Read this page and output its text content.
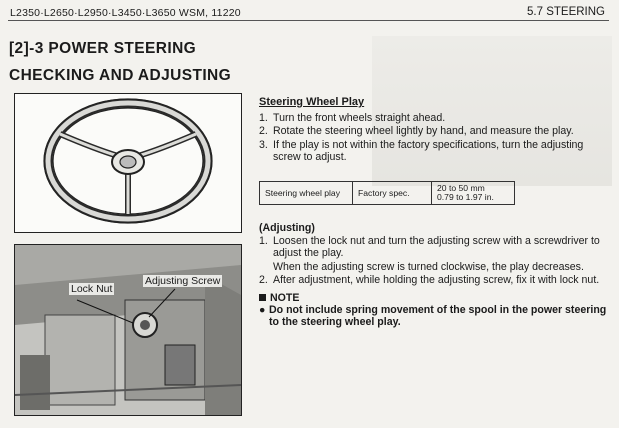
L2350·L2650·L2950·L3450·L3650 WSM, 11220	5.7 STEERING
[2]-3 POWER STEERING
CHECKING AND ADJUSTING
Lock Nut
Adjusting Screw
Steering Wheel Play
1. Turn the front wheels straight ahead.
2. Rotate the steering wheel lightly by hand, and measure the play.
3. If the play is not within the factory specifications, turn the adjusting screw to adjust.
Steering wheel play	Factory spec.	20 to 50 mm
0.79 to 1.97 in.
(Adjusting)
1. Loosen the lock nut and turn the adjusting screw with a screwdriver to adjust the play.
When the adjusting screw is turned clockwise, the play decreases.
2. After adjustment, while holding the adjusting screw, fix it with lock nut.
NOTE
● Do not include spring movement of the spool in the power steering to the steering wheel play.
